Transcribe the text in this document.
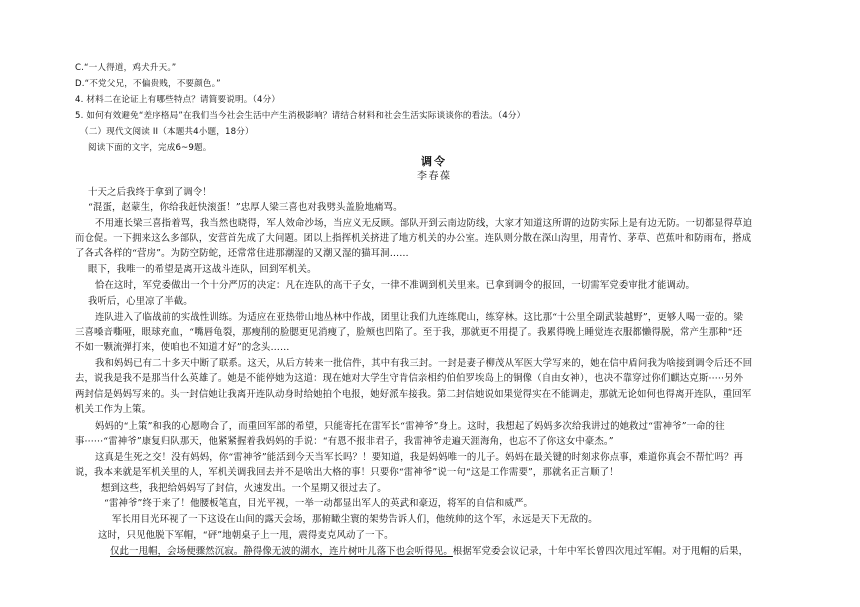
C.“一人得道，鸡犬升天。”
D.“不党父兄，不偏贵贱，不要颜色。”
4. 材料二在论证上有哪些特点？请简要说明。（4分）
5. 如何有效避免“差序格局”在我们当今社会生活中产生消极影响？请结合材料和社会生活实际谈谈你的看法。（4分）
（二）现代文阅读 II（本题共4小题，18分）
阅读下面的文字，完成6~9题。
调令
李春葆
十天之后我终于拿到了调令！
“混蛋，赵蒙生，你给我赶快滚蛋！”忠厚人梁三喜也对我劈头盖脸地痛骂。
不用連长梁三喜指着骂，我当然也晓得，军人效命沙场，当应义无反顾。部队开到云南边防线，大家才知道这所谓的边防实际上是有边无防。一切都显得草迫
而仓促。一下拥来这么多部队，安营首先成了大问题。团以上指挥机关挤进了地方机关的办公室。连队则分散在深山沟里，用青竹、茅草、芭蕉叶和防雨布，搭成
了各式各样的“营房”。为防空防蛇，还常常住进那潮湿的又潮又湿的猫耳洞……
眼下，我唯一的希望是离开这战斗连队，回到军机关。
恰在这时，军党委做出一个十分严厉的决定：凡在连队的高干子女，一律不准调到机关里来。已拿到调令的报回，一切需军党委审批才能调动。
我听后，心里凉了半截。
连队进入了临战前的实战性训练。为适应在亚热带山地丛林中作战，团里让我们九连练爬山，练穿林。这比那“十公里全副武装越野”，更够人喝一壶的。梁
三喜嗓音嘶哑，眼球充血，“嘴唇龟裂，那瘦削的脸腮更见消瘦了，脸颊也凹陷了。至于我，那就更不用提了。我累得晚上睡觉连衣服都懒得脱，常产生那种“还
不如一颗流弹打来，使咱也不知道才好”的念头……
我和妈妈已有二十多天中断了联系。这天，从后方转来一批信件，其中有我三封。一封是妻子柳茂从军医大学写来的，她在信中盾问我为啥接到调令后还不回
去，说我是我不是那当什么英雄了。她是不能停她为这道：现在她对大学生守肯信亲相约伯伯罗埃岛上的铜像（自由女神），也决不靠穿过你们麒达克斯·····另外
两封信是妈妈写来的。头一封信她让我离开连队动身时给她拍个电报，她好派车接我。第二封信她说如果觉得实在不能调走，那就无论如何也得离开连队，重回军
机关工作为上策。
妈妈的“上策”和我的心愿吻合了，而重回军部的希望，只能寄托在雷军长“雷神爷”身上。这时，我想起了妈妈多次给我讲过的她救过“雷神爷”一命的往
事······“雷神爷”康复归队那天，他紧紧握着我妈妈的手说：“有恩不报非君子，我雷神爷走遍天涯海角，也忘不了你这女中豪杰。”
这真是生死之交！没有妈妈，你“雷神爷”能活到今天当军长吗？！要知道，我是妈妈唯一的儿子。妈妈在最关键的时刻求你点事，难道你真会不帮忙吗？再
说，我本来就是军机关里的人，军机关调我回去并不是啥出大格的事！只要你“雷神爷”说一句“这是工作需要”，那就名正言顺了！
想到这些，我把给妈妈写了封信，火速发出。一个星期又很过去了。
“雷神爷”终于来了！他腰板笔直，目光平视，一举一动都显出军人的英武和豪迈，将军的自信和威严。
军长用目光环视了一下这设在山间的露天会场，那俯瞰尘寰的架势告诉人们，他统帅的这个军，永远是天下无敌的。
这时，只见他脱下军帽，“砰”地朝桌子上一甩，震得麦克风动了一下。
仅此一甩帽，会场便骤然沉寂。静得像无波的湖水，连片树叶儿落下也会听得见。根据军党委会议记录，十年中军长曾四次甩过军帽。对于甩帽的后果，
